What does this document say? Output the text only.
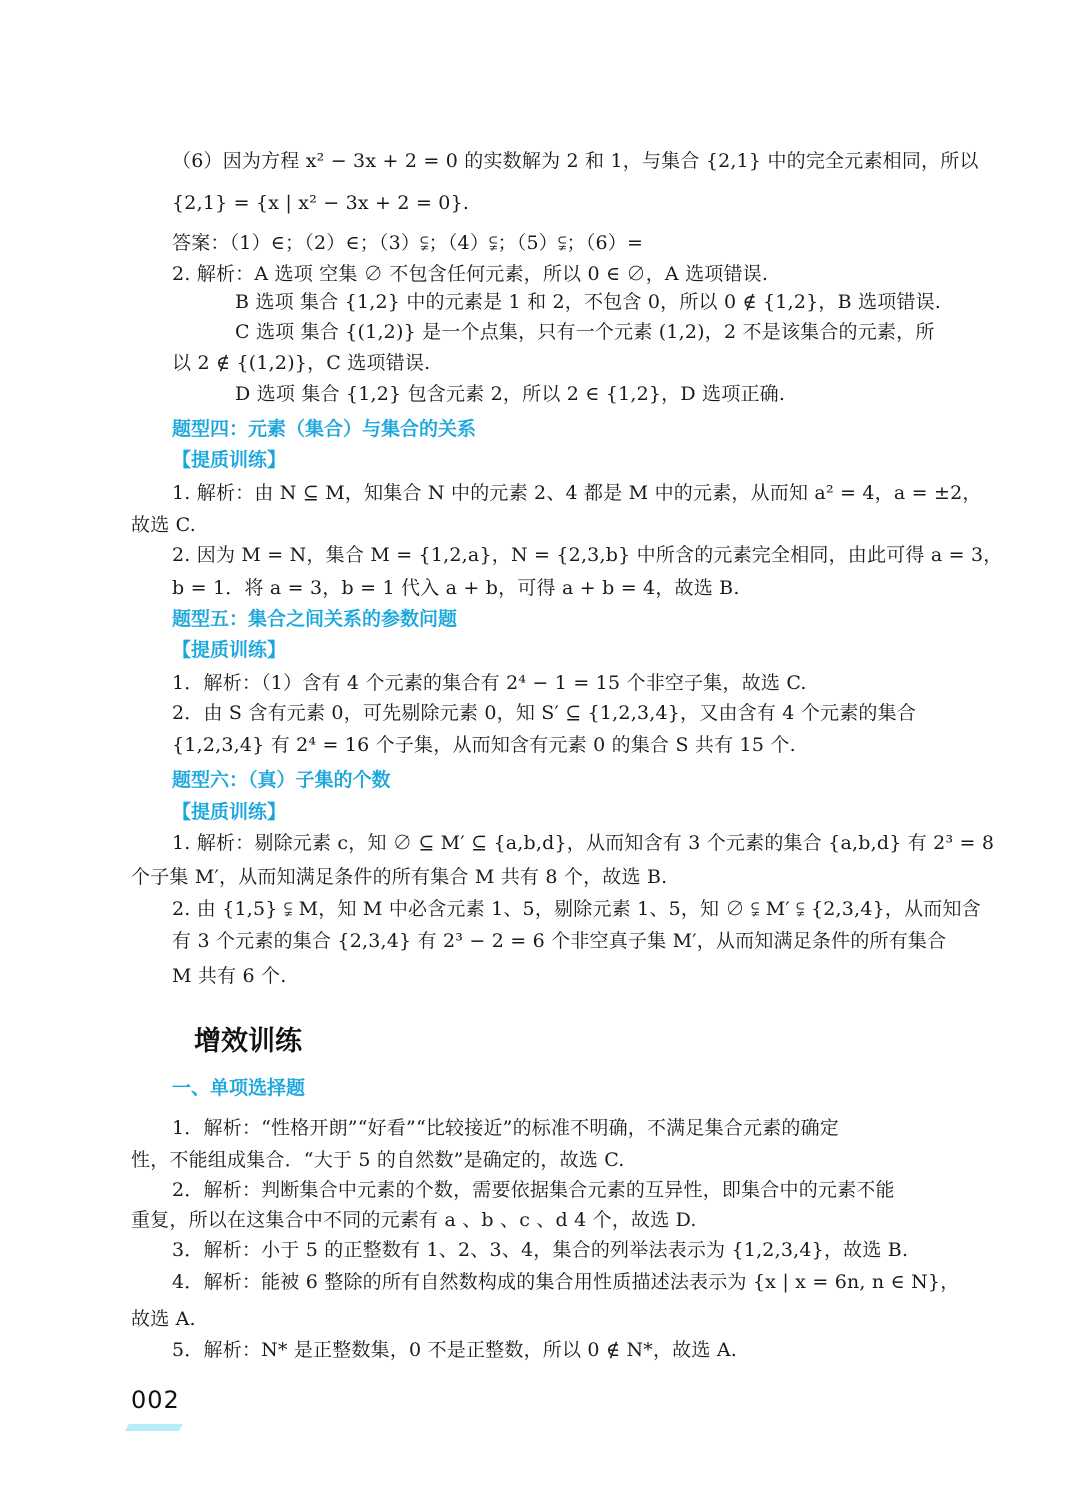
（6）因为方程 x² − 3x + 2 = 0 的实数解为 2 和 1，与集合 {2,1} 中的完全元素相同，所以
{2,1} = {x | x² − 3x + 2 = 0}.
答案：（1）∈；（2）∈；（3）⫋；（4）⫋；（5）⫋；（6）=
2. 解析：A 选项 空集 ∅ 不包含任何元素，所以 0 ∈ ∅，A 选项错误.
B 选项 集合 {1,2} 中的元素是 1 和 2，不包含 0，所以 0 ∉ {1,2}，B 选项错误.
C 选项 集合 {(1,2)} 是一个点集，只有一个元素 (1,2)，2 不是该集合的元素，所
以 2 ∉ {(1,2)}，C 选项错误.
D 选项 集合 {1,2} 包含元素 2，所以 2 ∈ {1,2}，D 选项正确.
题型四：元素（集合）与集合的关系
【提质训练】
1. 解析：由 N ⊆ M，知集合 N 中的元素 2、4 都是 M 中的元素，从而知 a² = 4，a = ±2，
故选 C.
2. 因为 M = N，集合 M = {1,2,a}，N = {2,3,b} 中所含的元素完全相同，由此可得 a = 3，
b = 1．将 a = 3，b = 1 代入 a + b，可得 a + b = 4，故选 B.
题型五：集合之间关系的参数问题
【提质训练】
1．解析：（1）含有 4 个元素的集合有 2⁴ − 1 = 15 个非空子集，故选 C.
2．由 S 含有元素 0，可先剔除元素 0，知 S′ ⊆ {1,2,3,4}，又由含有 4 个元素的集合
{1,2,3,4} 有 2⁴ = 16 个子集，从而知含有元素 0 的集合 S 共有 15 个.
题型六：（真）子集的个数
【提质训练】
1. 解析：剔除元素 c，知 ∅ ⊆ M′ ⊆ {a,b,d}，从而知含有 3 个元素的集合 {a,b,d} 有 2³ = 8
个子集 M′，从而知满足条件的所有集合 M 共有 8 个，故选 B.
2. 由 {1,5} ⫋ M，知 M 中必含元素 1、5，剔除元素 1、5，知 ∅ ⫋ M′ ⫋ {2,3,4}，从而知含
有 3 个元素的集合 {2,3,4} 有 2³ − 2 = 6 个非空真子集 M′，从而知满足条件的所有集合
M 共有 6 个.
增效训练
一、单项选择题
1．解析：“性格开朗”“好看”“比较接近”的标准不明确，不满足集合元素的确定
性，不能组成集合．“大于 5 的自然数”是确定的，故选 C.
2．解析：判断集合中元素的个数，需要依据集合元素的互异性，即集合中的元素不能
重复，所以在这集合中不同的元素有 a 、b 、c 、d 4 个，故选 D.
3．解析：小于 5 的正整数有 1、2、3、4，集合的列举法表示为 {1,2,3,4}，故选 B.
4．解析：能被 6 整除的所有自然数构成的集合用性质描述法表示为 {x | x = 6n, n ∈ N}，
故选 A.
5．解析：N* 是正整数集，0 不是正整数，所以 0 ∉ N*，故选 A.
002
